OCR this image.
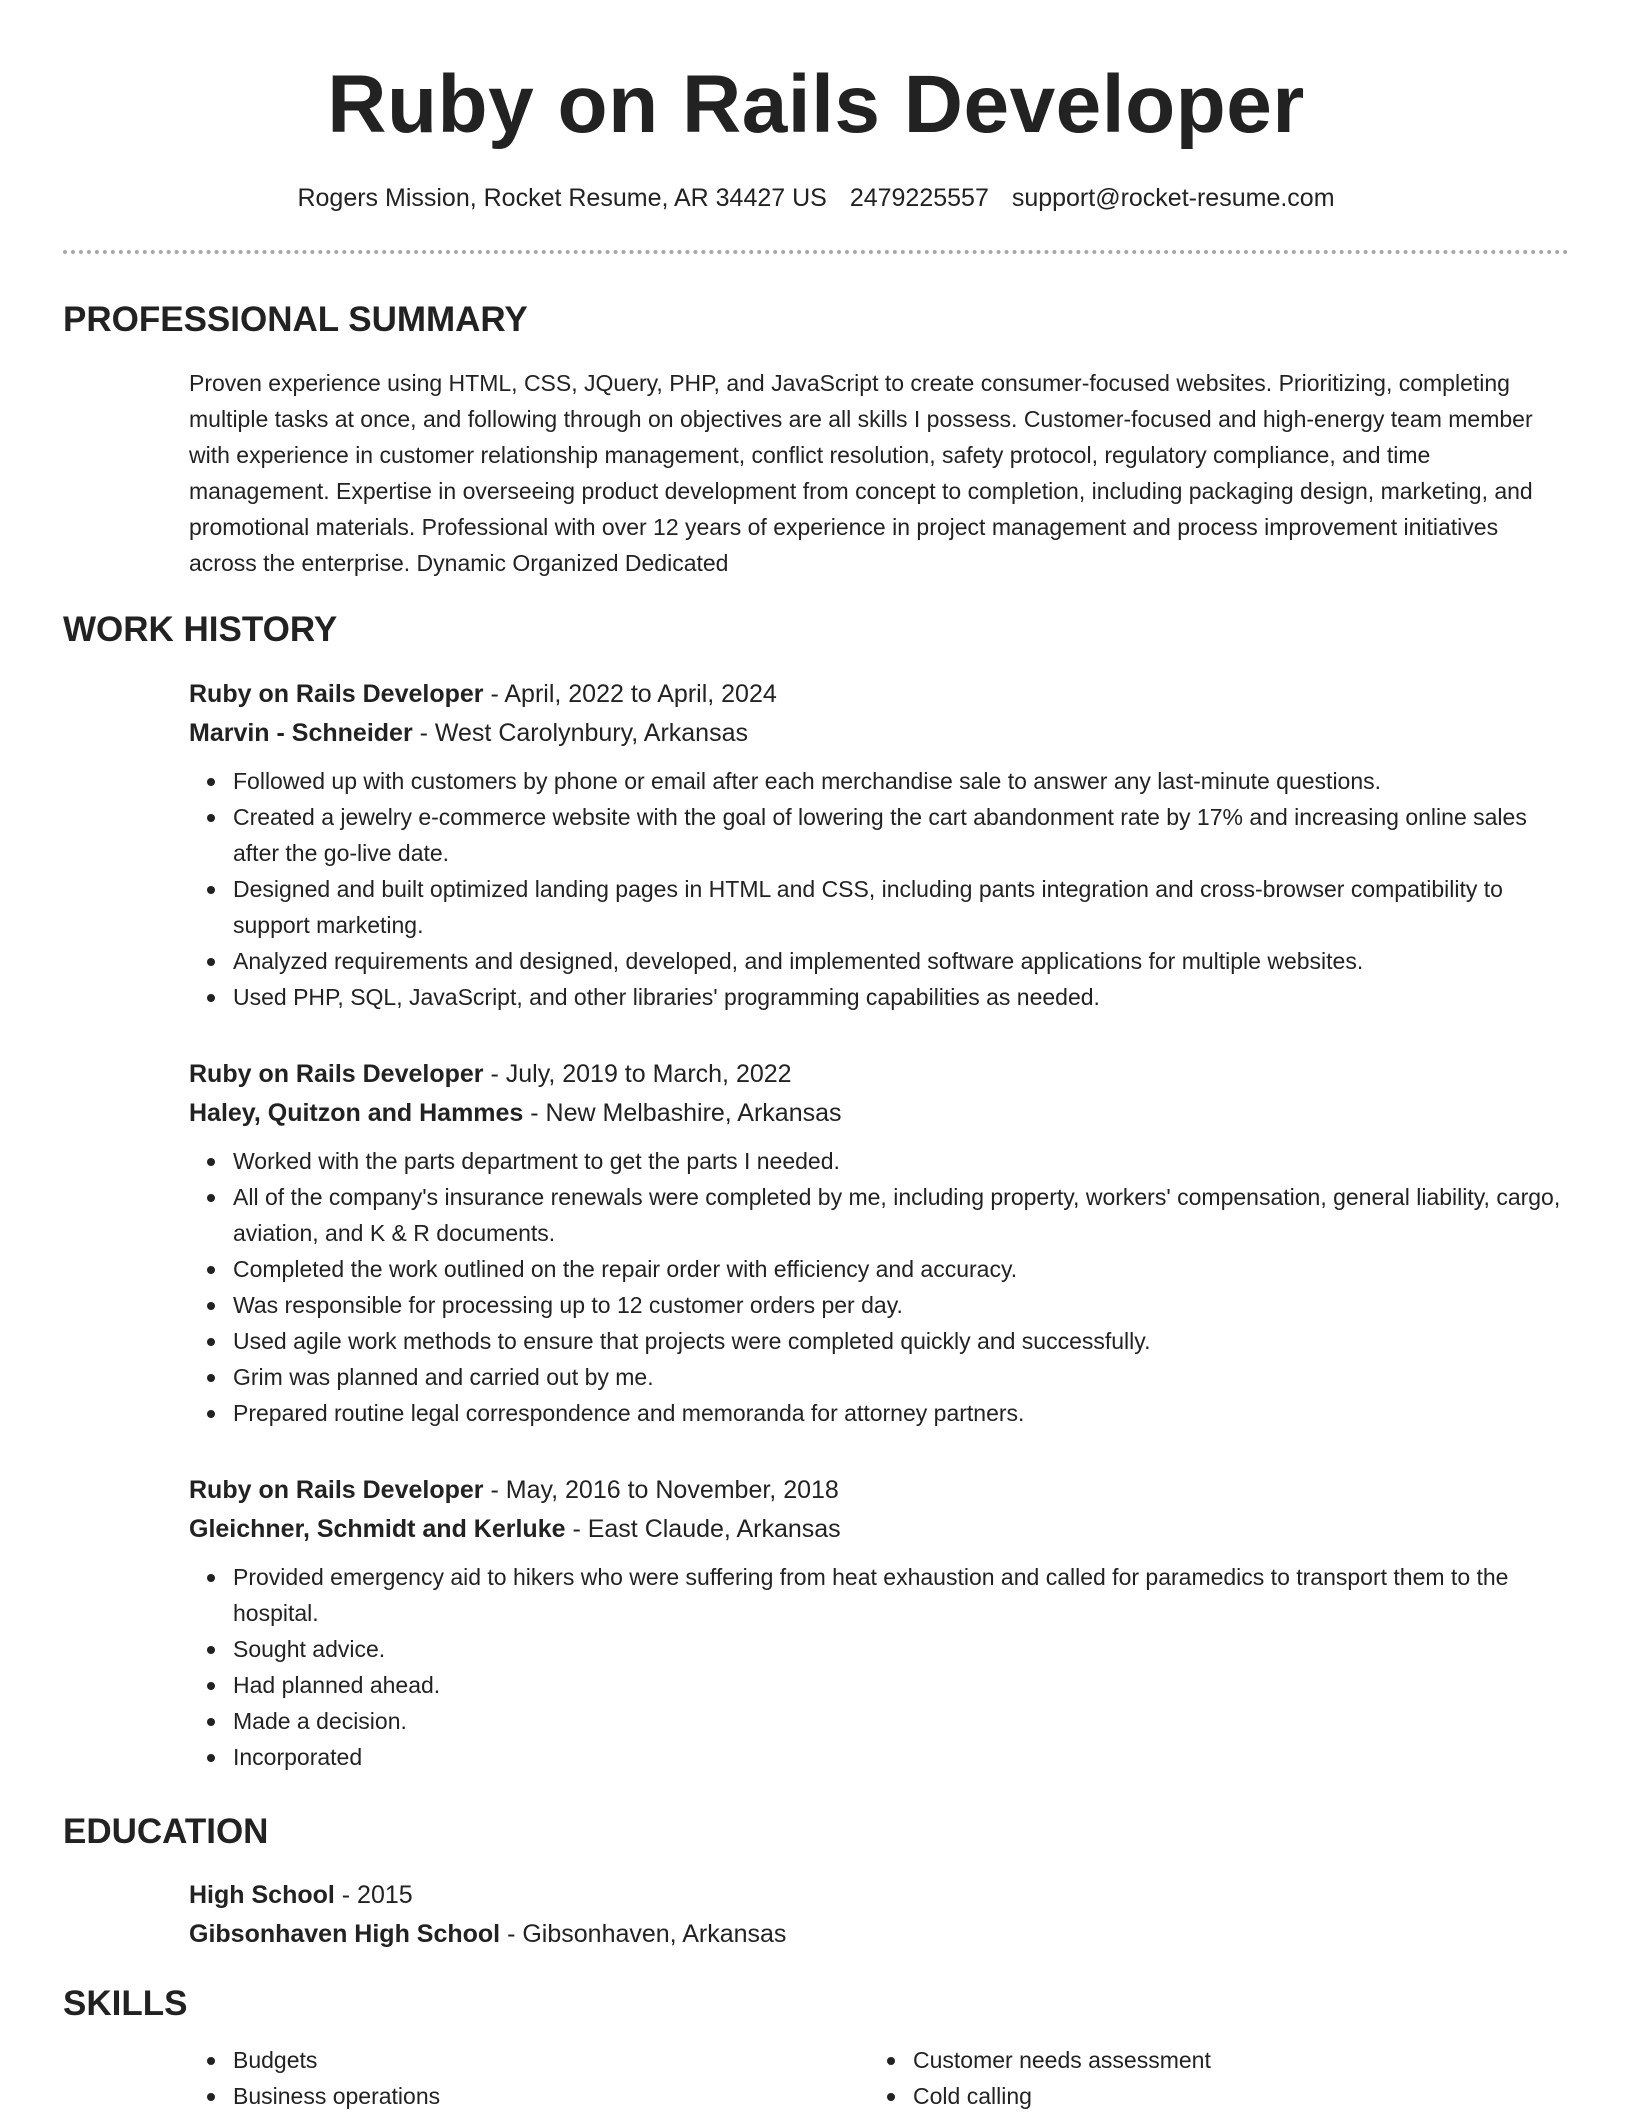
Ruby on Rails Developer
Rogers Mission, Rocket Resume, AR 34427 US 2479225557 support@rocket-resume.com
PROFESSIONAL SUMMARY
Proven experience using HTML, CSS, JQuery, PHP, and JavaScript to create consumer-focused websites. Prioritizing, completing multiple tasks at once, and following through on objectives are all skills I possess. Customer-focused and high-energy team member with experience in customer relationship management, conflict resolution, safety protocol, regulatory compliance, and time management. Expertise in overseeing product development from concept to completion, including packaging design, marketing, and promotional materials. Professional with over 12 years of experience in project management and process improvement initiatives across the enterprise. Dynamic Organized Dedicated
WORK HISTORY
Ruby on Rails Developer - April, 2022 to April, 2024
Marvin - Schneider - West Carolynbury, Arkansas
Followed up with customers by phone or email after each merchandise sale to answer any last-minute questions.
Created a jewelry e-commerce website with the goal of lowering the cart abandonment rate by 17% and increasing online sales after the go-live date.
Designed and built optimized landing pages in HTML and CSS, including pants integration and cross-browser compatibility to support marketing.
Analyzed requirements and designed, developed, and implemented software applications for multiple websites.
Used PHP, SQL, JavaScript, and other libraries' programming capabilities as needed.
Ruby on Rails Developer - July, 2019 to March, 2022
Haley, Quitzon and Hammes - New Melbashire, Arkansas
Worked with the parts department to get the parts I needed.
All of the company's insurance renewals were completed by me, including property, workers' compensation, general liability, cargo, aviation, and K & R documents.
Completed the work outlined on the repair order with efficiency and accuracy.
Was responsible for processing up to 12 customer orders per day.
Used agile work methods to ensure that projects were completed quickly and successfully.
Grim was planned and carried out by me.
Prepared routine legal correspondence and memoranda for attorney partners.
Ruby on Rails Developer - May, 2016 to November, 2018
Gleichner, Schmidt and Kerluke - East Claude, Arkansas
Provided emergency aid to hikers who were suffering from heat exhaustion and called for paramedics to transport them to the hospital.
Sought advice.
Had planned ahead.
Made a decision.
Incorporated
EDUCATION
High School - 2015
Gibsonhaven High School - Gibsonhaven, Arkansas
SKILLS
Budgets
Business operations
Customer needs assessment
Cold calling
